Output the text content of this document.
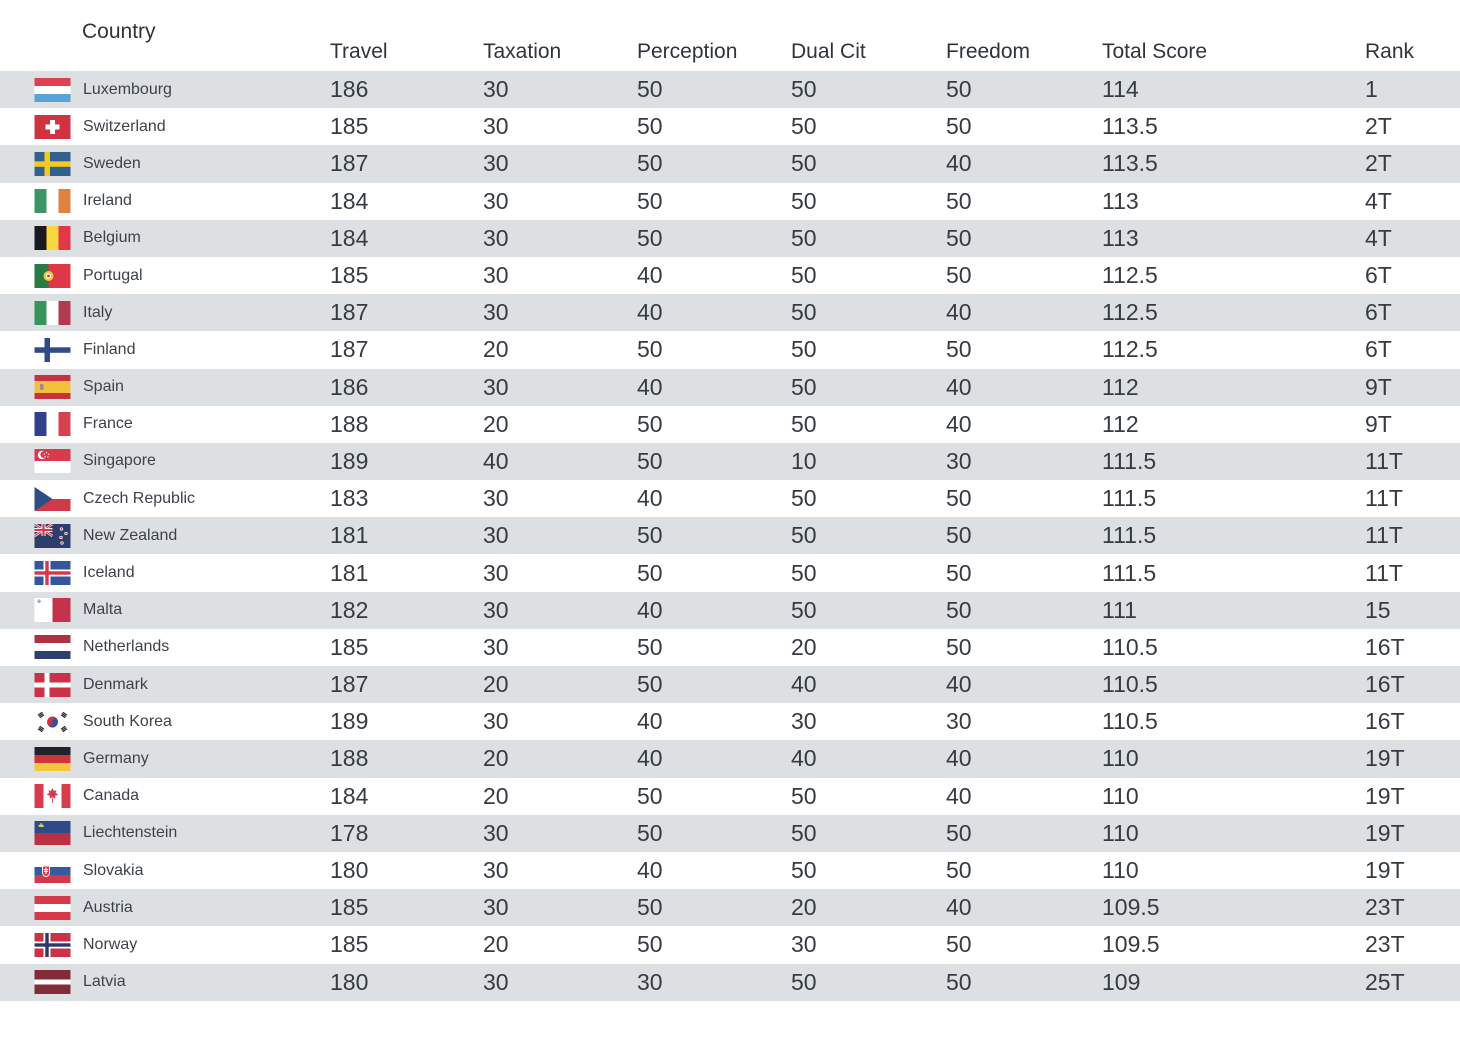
Country
Travel	Taxation	Perception	Dual Cit	Freedom	Total Score	Rank
Luxembourg	186	30	50	50	50	114	1
Switzerland	185	30	50	50	50	113.5	2T
Sweden	187	30	50	50	40	113.5	2T
Ireland	184	30	50	50	50	113	4T
Belgium	184	30	50	50	50	113	4T
Portugal	185	30	40	50	50	112.5	6T
Italy	187	30	40	50	40	112.5	6T
Finland	187	20	50	50	50	112.5	6T
Spain	186	30	40	50	40	112	9T
France	188	20	50	50	40	112	9T
Singapore	189	40	50	10	30	111.5	11T
Czech Republic	183	30	40	50	50	111.5	11T
New Zealand	181	30	50	50	50	111.5	11T
Iceland	181	30	50	50	50	111.5	11T
Malta	182	30	40	50	50	111	15
Netherlands	185	30	50	20	50	110.5	16T
Denmark	187	20	50	40	40	110.5	16T
South Korea	189	30	40	30	30	110.5	16T
Germany	188	20	40	40	40	110	19T
Canada	184	20	50	50	40	110	19T
Liechtenstein	178	30	50	50	50	110	19T
Slovakia	180	30	40	50	50	110	19T
Austria	185	30	50	20	40	109.5	23T
Norway	185	20	50	30	50	109.5	23T
Latvia	180	30	30	50	50	109	25T
